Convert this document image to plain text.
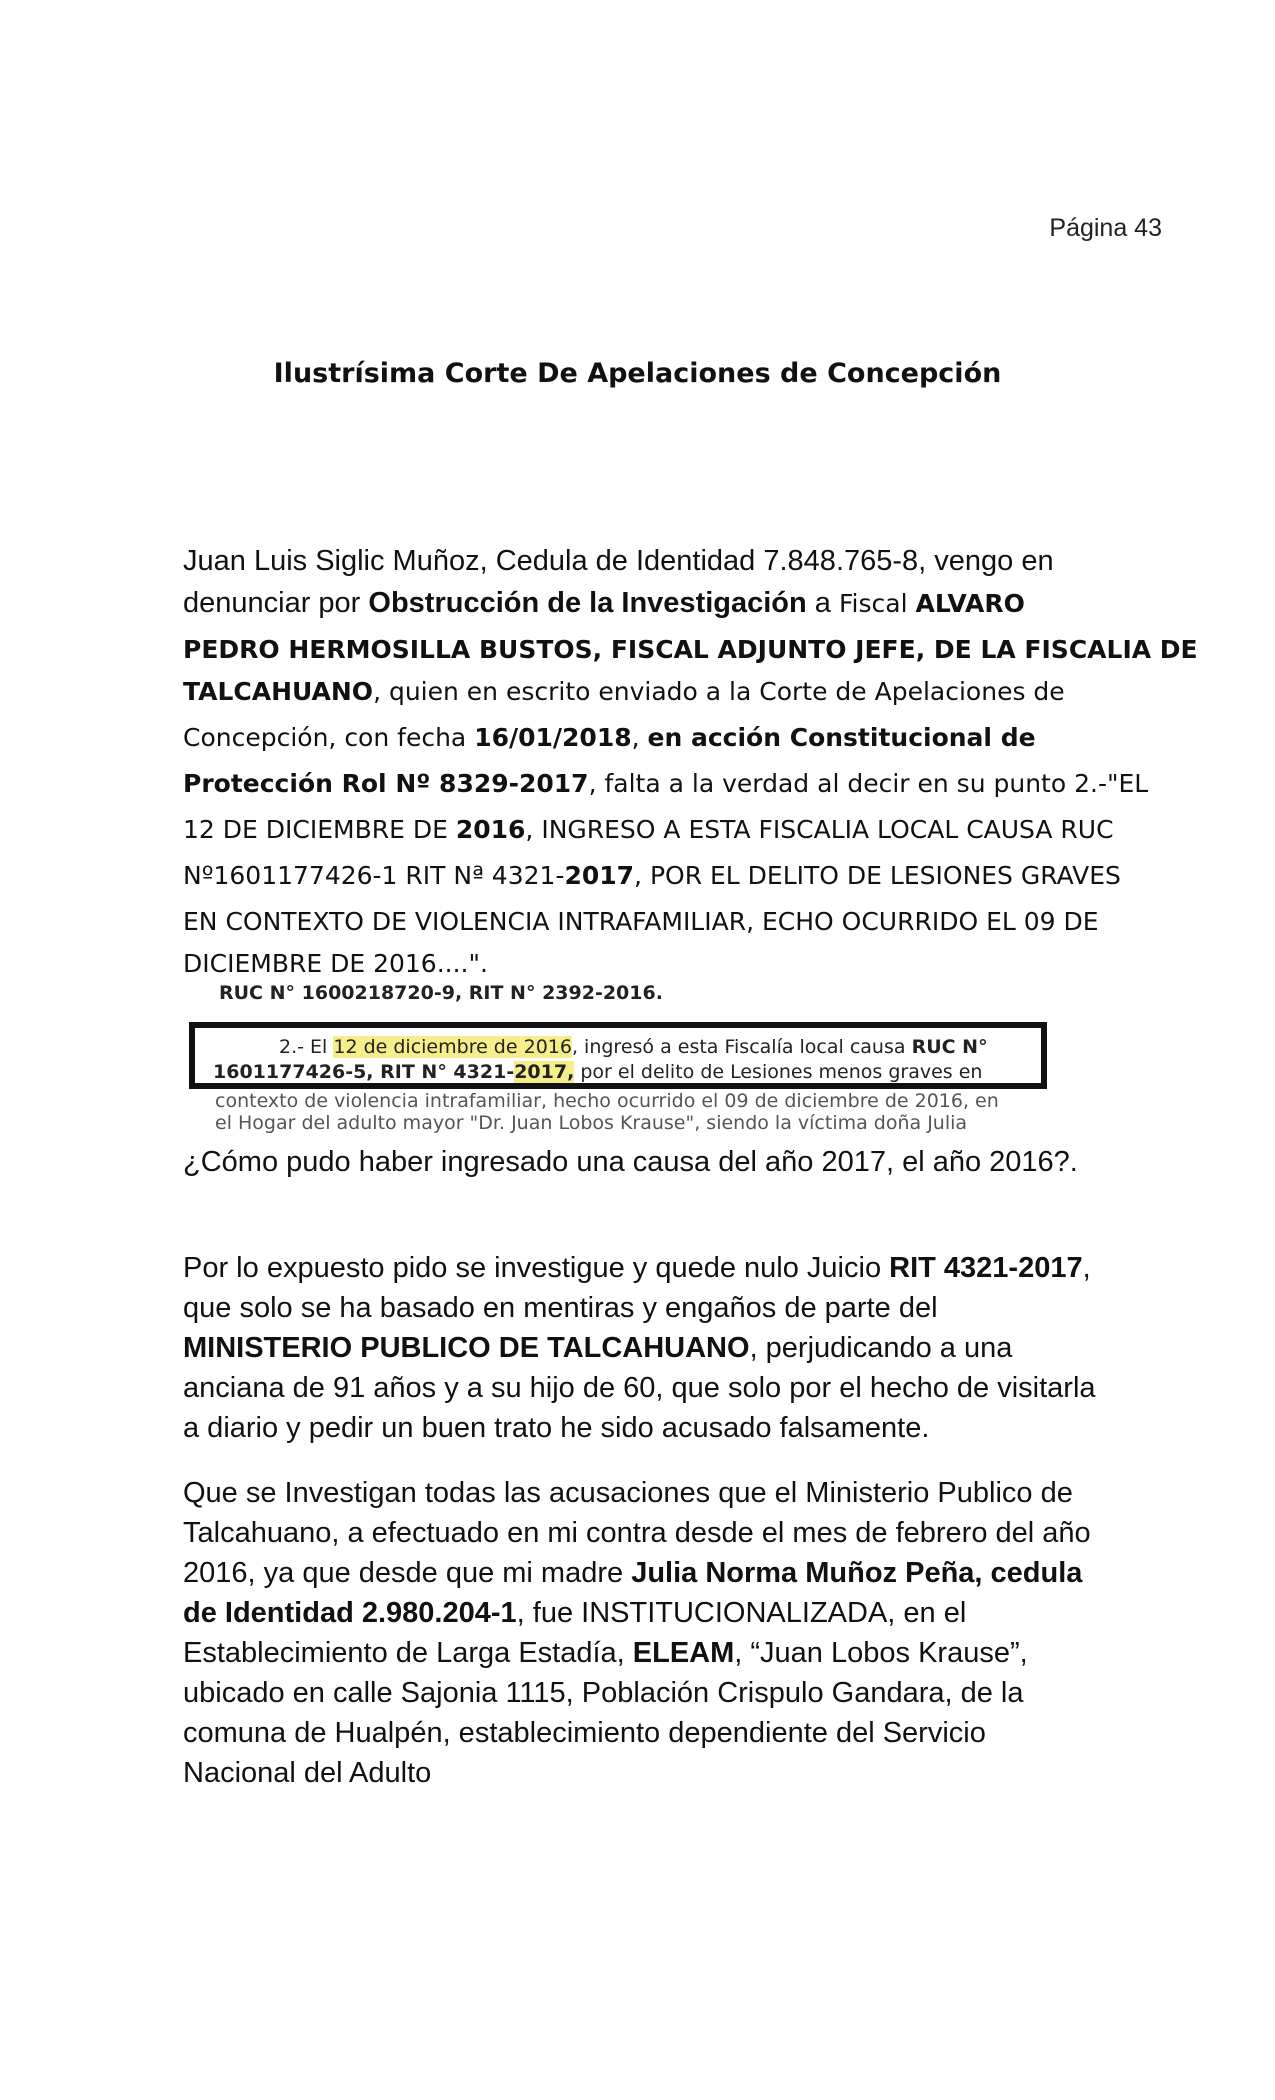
Página 43
Ilustrísima Corte De Apelaciones de Concepción
Juan Luis Siglic Muñoz, Cedula de Identidad 7.848.765-8, vengo en
denunciar por Obstrucción de la Investigación a Fiscal ALVARO
PEDRO HERMOSILLA BUSTOS, FISCAL ADJUNTO JEFE, DE LA FISCALIA DE
TALCAHUANO, quien en escrito enviado a la Corte de Apelaciones de
Concepción, con fecha 16/01/2018, en acción Constitucional de
Protección Rol Nº 8329-2017, falta a la verdad al decir en su punto 2.-"EL
12 DE DICIEMBRE DE 2016, INGRESO A ESTA FISCALIA LOCAL CAUSA RUC
Nº1601177426-1 RIT Nª 4321-2017, POR EL DELITO DE LESIONES GRAVES
EN CONTEXTO DE VIOLENCIA INTRAFAMILIAR, ECHO OCURRIDO EL 09 DE
DICIEMBRE DE 2016....".
RUC N° 1600218720-9, RIT N° 2392-2016.
2.- El 12 de diciembre de 2016, ingresó a esta Fiscalía local causa RUC N°
1601177426-5, RIT N° 4321-2017, por el delito de Lesiones menos graves en
contexto de violencia intrafamiliar, hecho ocurrido el 09 de diciembre de 2016, en
el Hogar del adulto mayor "Dr. Juan Lobos Krause", siendo la víctima doña Julia
¿Cómo pudo haber ingresado una causa del año 2017, el año 2016?.
Por lo expuesto pido se investigue y quede nulo Juicio RIT 4321-2017, que solo se ha basado en mentiras y engaños de parte del MINISTERIO PUBLICO DE TALCAHUANO, perjudicando a una anciana de 91 años y a su hijo de 60, que solo por el hecho de visitarla a diario y pedir un buen trato he sido acusado falsamente.
Que se Investigan todas las acusaciones que el Ministerio Publico de Talcahuano, a efectuado en mi contra desde el mes de febrero del año 2016, ya que desde que mi madre Julia Norma Muñoz Peña, cedula de Identidad 2.980.204-1, fue INSTITUCIONALIZADA, en el Establecimiento de Larga Estadía, ELEAM, “Juan Lobos Krause”, ubicado en calle Sajonia 1115, Población Crispulo Gandara, de la comuna de Hualpén, establecimiento dependiente del Servicio Nacional del Adulto
